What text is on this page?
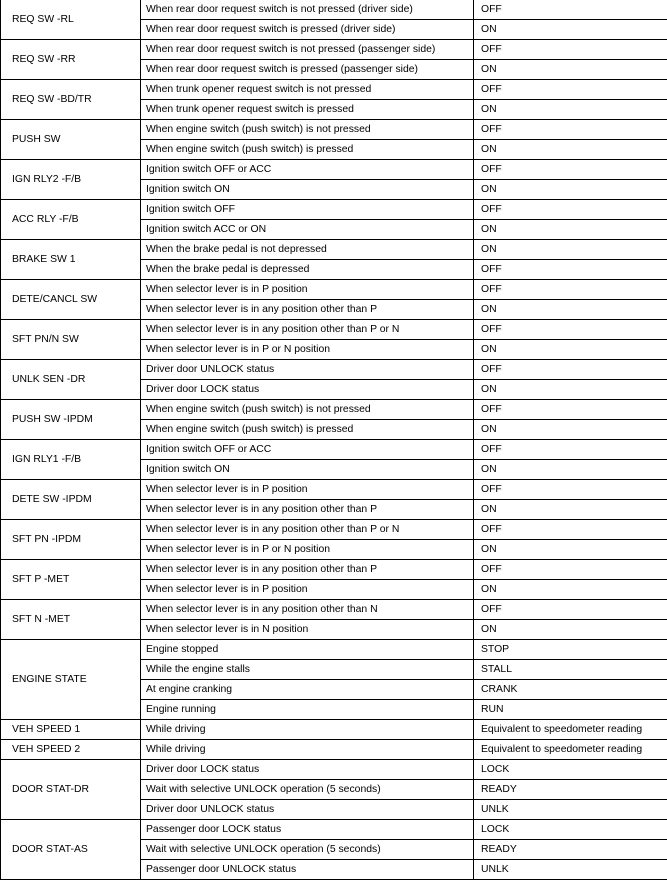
REQ SW -RL	When rear door request switch is not pressed (driver side)	OFF
	When rear door request switch is pressed (driver side)	ON
REQ SW -RR	When rear door request switch is not pressed (passenger side)	OFF
	When rear door request switch is pressed (passenger side)	ON
REQ SW -BD/TR	When trunk opener request switch is not pressed	OFF
	When trunk opener request switch is pressed	ON
PUSH SW	When engine switch (push switch) is not pressed	OFF
	When engine switch (push switch) is pressed	ON
IGN RLY2 -F/B	Ignition switch OFF or ACC	OFF
	Ignition switch ON	ON
ACC RLY -F/B	Ignition switch OFF	OFF
	Ignition switch ACC or ON	ON
BRAKE SW 1	When the brake pedal is not depressed	ON
	When the brake pedal is depressed	OFF
DETE/CANCL SW	When selector lever is in P position	OFF
	When selector lever is in any position other than P	ON
SFT PN/N SW	When selector lever is in any position other than P or N	OFF
	When selector lever is in P or N position	ON
UNLK SEN -DR	Driver door UNLOCK status	OFF
	Driver door LOCK status	ON
PUSH SW -IPDM	When engine switch (push switch) is not pressed	OFF
	When engine switch (push switch) is pressed	ON
IGN RLY1 -F/B	Ignition switch OFF or ACC	OFF
	Ignition switch ON	ON
DETE SW -IPDM	When selector lever is in P position	OFF
	When selector lever is in any position other than P	ON
SFT PN -IPDM	When selector lever is in any position other than P or N	OFF
	When selector lever is in P or N position	ON
SFT P -MET	When selector lever is in any position other than P	OFF
	When selector lever is in P position	ON
SFT N -MET	When selector lever is in any position other than N	OFF
	When selector lever is in N position	ON
ENGINE STATE	Engine stopped	STOP
	While the engine stalls	STALL
	At engine cranking	CRANK
	Engine running	RUN
VEH SPEED 1	While driving	Equivalent to speedometer reading
VEH SPEED 2	While driving	Equivalent to speedometer reading
DOOR STAT-DR	Driver door LOCK status	LOCK
	Wait with selective UNLOCK operation (5 seconds)	READY
	Driver door UNLOCK status	UNLK
DOOR STAT-AS	Passenger door LOCK status	LOCK
	Wait with selective UNLOCK operation (5 seconds)	READY
	Passenger door UNLOCK status	UNLK
